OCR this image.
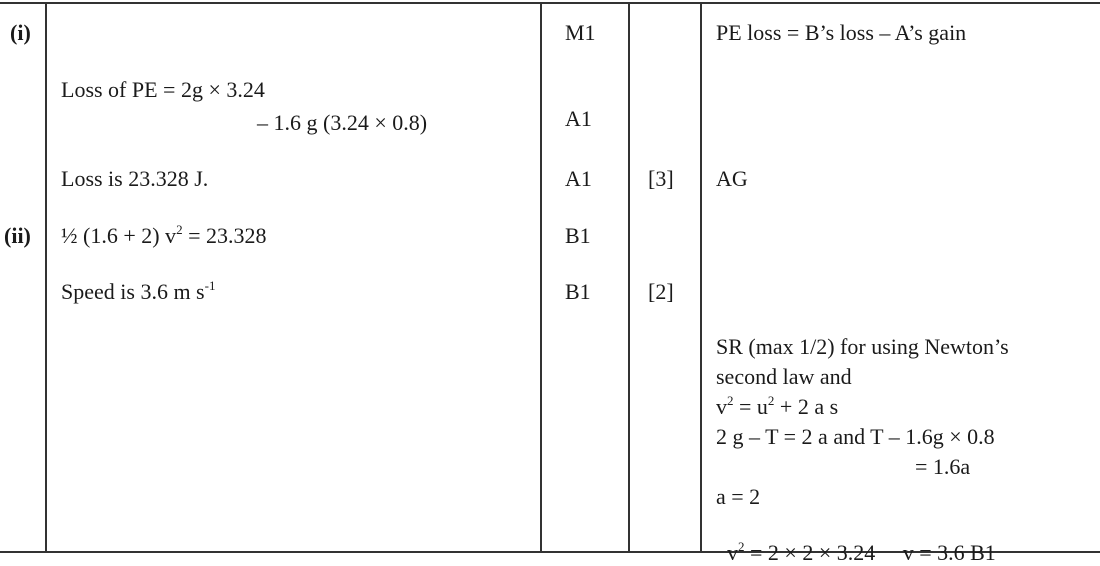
(i)
(ii)
Loss of PE = 2g × 3.24
– 1.6 g (3.24 × 0.8)
Loss is 23.328 J.
½ (1.6 + 2) $v^2 = 23.328$
Speed is 3.6 m $s^{-1}$
M1
A1
A1
B1
B1
[3]
[2]
PE loss = B’s loss – A’s gain
AG
SR (max 1/2) for using Newton’s
second law and
$v^2 = u^2 + 2$ a s
2 g – T = 2 a and T – 1.6g × 0.8
= 1.6a
a = 2

$v^2 = 2 \times 2 \times 3.24$     v = 3.6 B1
